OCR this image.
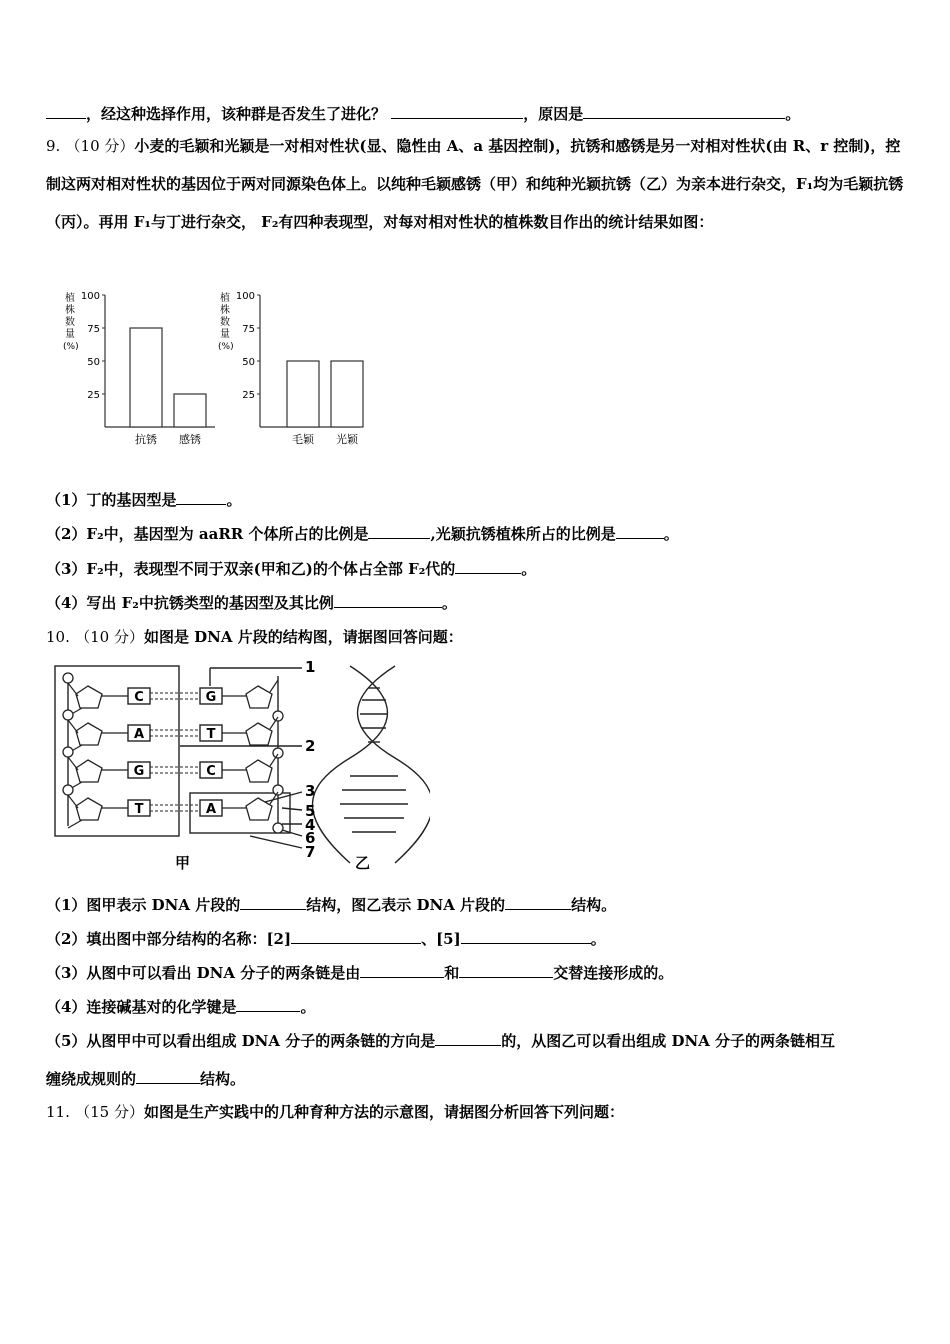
，经这种选择作用，该种群是否发生了进化？	，原因是	。
9. （10 分）小麦的毛颖和光颖是一对相对性状(显、隐性由 A、a 基因控制)，抗锈和感锈是另一对相对性状(由 R、r 控制)，控制这两对相对性状的基因位于两对同源染色体上。以纯种毛颖感锈（甲）和纯种光颖抗锈（乙）为亲本进行杂交，F₁均为毛颖抗锈（丙）。再用 F₁与丁进行杂交， F₂有四种表现型，对每对相对性状的植株数目作出的统计结果如图：
植
株
数
量
(%)
100
75
50
25
抗锈 感锈
植
株
数
量
(%)
100
75
50
25
毛颖 光颖
（1）丁的基因型是	。
（2）F₂中，基因型为 aaRR 个体所占的比例是	,光颖抗锈植株所占的比例是	。
（3）F₂中，表现型不同于双亲(甲和乙)的个体占全部 F₂代的	。
（4）写出 F₂中抗锈类型的基因型及其比例	。
10. （10 分）如图是 DNA 片段的结构图，请据图回答问题：
C	G
A	T
G	C
T	A
1
2
3
5
4
6
7
甲	乙
（1）图甲表示 DNA 片段的	结构，图乙表示 DNA 片段的	结构。
（2）填出图中部分结构的名称：[2]	、[5]	。
（3）从图中可以看出 DNA 分子的两条链是由	和	交替连接形成的。
（4）连接碱基对的化学键是	。
（5）从图甲中可以看出组成 DNA 分子的两条链的方向是	的，从图乙可以看出组成 DNA 分子的两条链相互
缠绕成规则的	结构。
11. （15 分）如图是生产实践中的几种育种方法的示意图，请据图分析回答下列问题：
